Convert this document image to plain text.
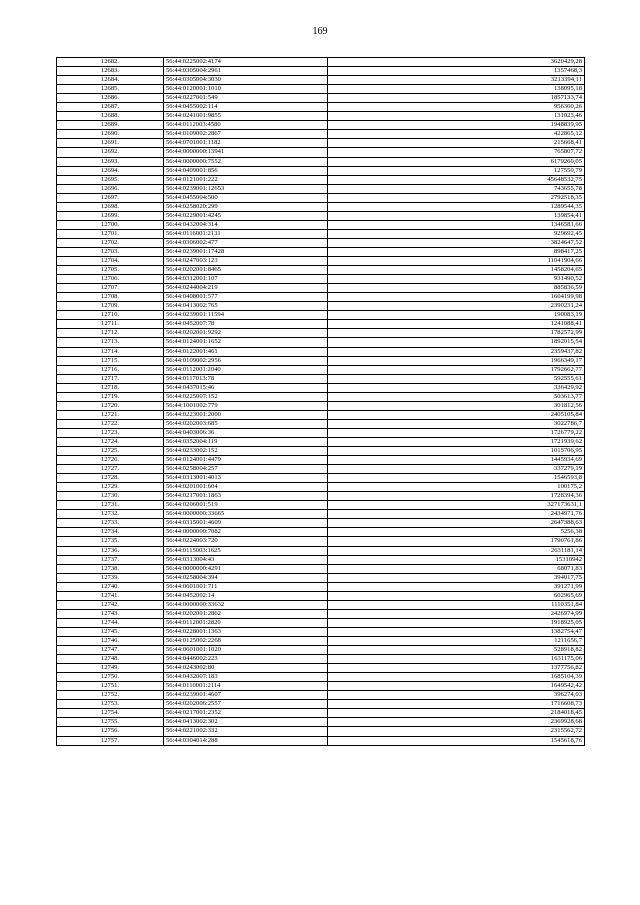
169
12682.	56:44:0225002:4174	3620429,28
12683.	56:44:0305004:2961	1357468,3
12684.	56:44:0305004:3030	3213394,11
12685.	56:44:0120001:1010	138095,18
12686.	56:44:0227001:549	1857133,74
12687.	56:44:0455002:114	956360,26
12688.	56:44:0241001:9855	131023,46
12689.	56:44:0112003:4580	1948839,95
12690.	56:44:0109002:2867	422865,12
12691.	56:44:0701001:1182	215668,41
12692.	56:44:0000000:13941	765807,72
12693.	56:44:0000000:7552	6179260,05
12694.	56:44:0409001:856	127550,79
12695.	56:44:0121001:222	45648532,75
12696.	56:44:0239001:12653	743655,78
12697.	56:44:0455004:500	2792518,35
12698.	56:44:0258020:299	1289544,35
12699.	56:44:0229001:4245	139854,41
12700.	56:44:0432004:314	1346581,66
12701.	56:44:0116001:2131	929692,45
12702.	56:44:0306002:477	3824647,52
12703.	56:44:0239001:17428	898417,25
12704.	56:44:0247003:123	11041904,66
12705.	56:44:0202001:8465	1458204,65
12706.	56:44:0312001:107	931490,52
12707.	56:44:0244004:219	885836,59
12708.	56:44:0408001:577	1604199,98
12709.	56:44:0413002:765	2390231,24
12710.	56:44:0239001:11594	190083,19
12711.	56:44:0452007:78	1241088,41
12712.	56:44:0202001:9292	1782572,99
12713.	56:44:0124001:1652	1892015,54
12714.	56:44:0122001:461	2359437,82
12715.	56:44:0109002:2956	1966349,17
12716.	56:44:0112001:2040	1792662,77
12717.	56:44:0117013:78	592555,61
12718.	56:44:0437015:46	336429,92
12719.	56:44:0225007:152	503613,77
12720.	56:44:1001002:779	301812,56
12721.	56:44:0223001:2000	2405105,84
12722.	56:44:0202003:685	3022786,7
12723.	56:44:0403006:36	1726779,22
12724.	56:44:0352004:119	1721939,62
12725.	56:44:0233002:152	1015706,95
12726.	56:44:0124001:4479	1445934,69
12727.	56:44:0258004:257	337279,19
12728.	56:44:0313001:4013	1546593,8
12729.	56:44:0201001:604	100175,2
12730.	56:44:0217001:1863	1728394,36
12731.	56:44:0206001:519	327173631,1
12732.	56:44:0000000:33665	2434971,76
12733.	56:44:0315001:4609	2647388,63
12734.	56:44:0000000:7082	5256,38
12735.	56:44:0224003:720	1790761,86
12736.	56:44:0115003:1625	2631181,14
12737.	56:44:0313004:43	15310942
12738.	56:44:0000000:4291	68071,83
12739.	56:44:0258004:394	394017,75
12740.	56:44:0601001:711	391271,99
12741.	56:44:0452002:14	602965,69
12742.	56:44:0000000:33632	1110351,84
12743.	56:44:0202001:2862	2426974,99
12744.	56:44:0112001:2820	1918925,05
12745.	56:44:0228001:1363	1382754,47
12746.	56:44:0125002:2268	1211656,7
12747.	56:44:0601001:1020	528918,82
12748.	56:44:0446002:223	1631175,06
12749.	56:44:0243002:80	1377756,82
12750.	56:44:0432007:183	1685104,39
12751.	56:44:0110001:2114	1649542,42
12752.	56:44:0239001:4607	396274,03
12753.	56:44:0202006:2557	1716608,73
12754.	56:44:0217001:2352	2184018,45
12755.	56:44:0413002:302	2369928,68
12756.	56:44:0221002:332	2315562,72
12757.	56:44:0304014:288	1545618,76
